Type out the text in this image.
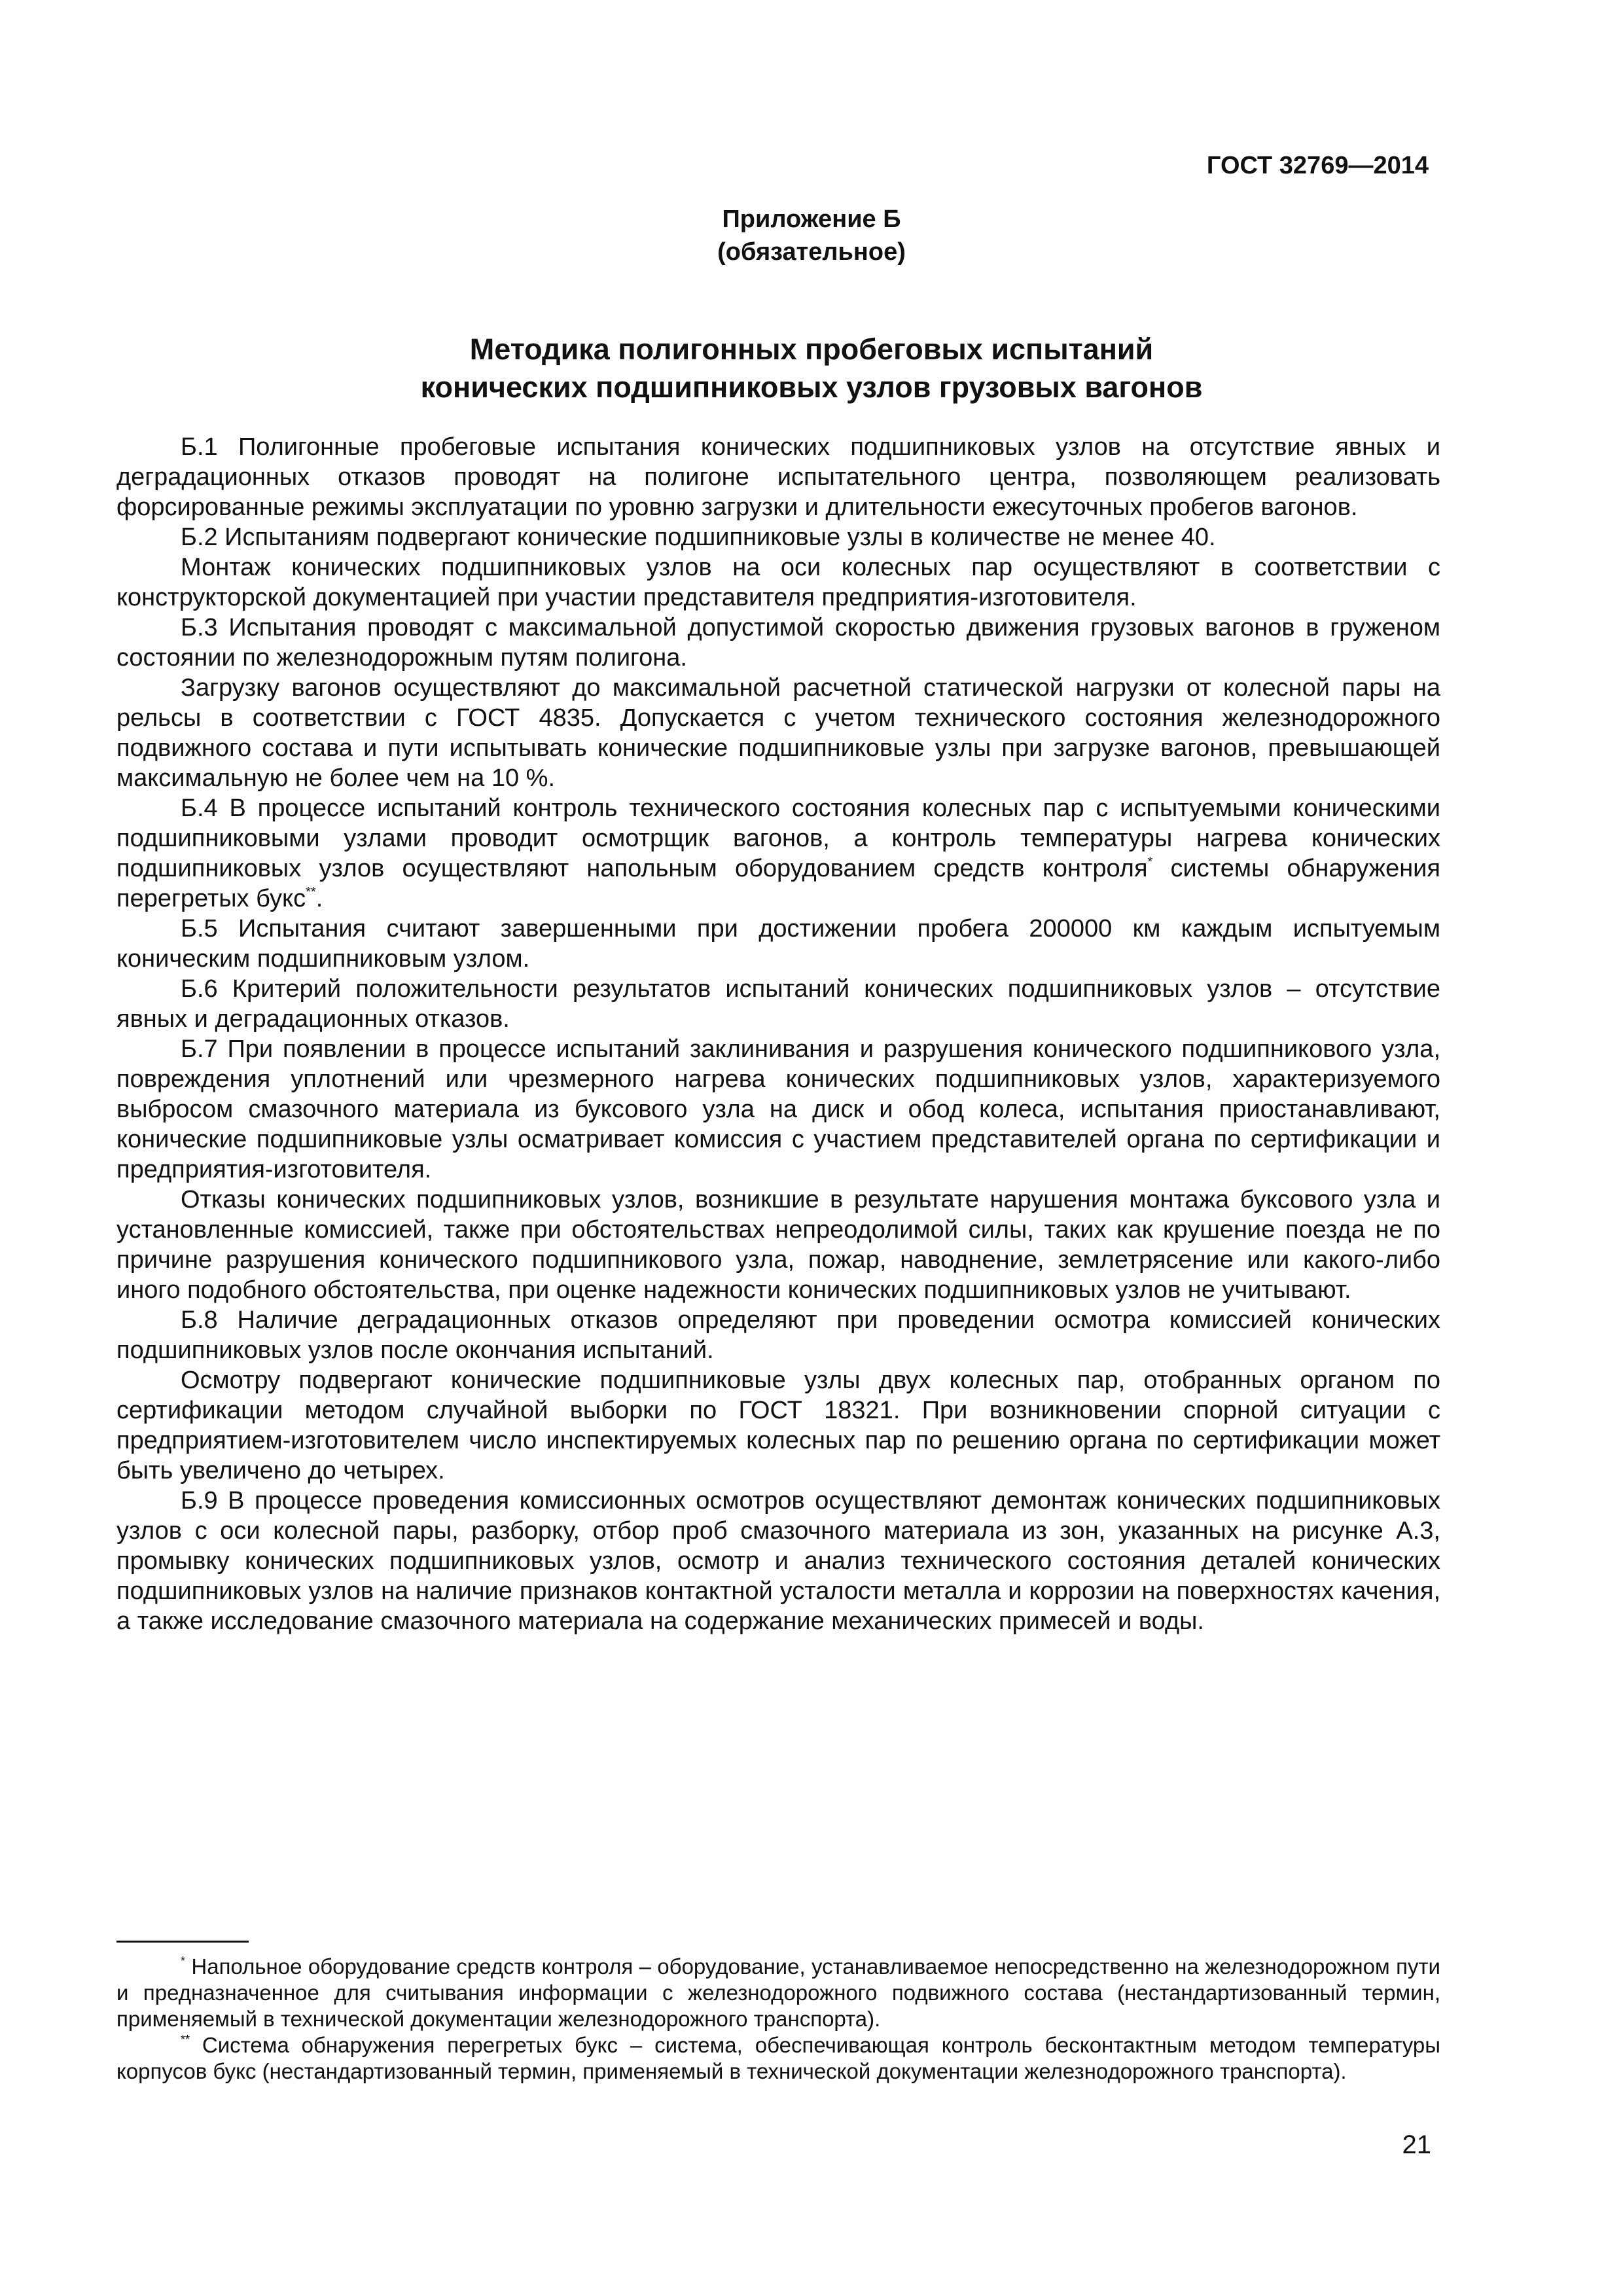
ГОСТ 32769—2014
Приложение Б
(обязательное)
Методика полигонных пробеговых испытаний
конических подшипниковых узлов грузовых вагонов

Б.1 Полигонные пробеговые испытания конических подшипниковых узлов на отсутствие явных и деградационных отказов проводят на полигоне испытательного центра, позволяющем реализовать форсированные режимы эксплуатации по уровню загрузки и длительности ежесуточных пробегов вагонов.

Б.2 Испытаниям подвергают конические подшипниковые узлы в количестве не менее 40.

Монтаж конических подшипниковых узлов на оси колесных пар осуществляют в соответствии с конструкторской документацией при участии представителя предприятия-изготовителя.

Б.3 Испытания проводят с максимальной допустимой скоростью движения грузовых вагонов в груженом состоянии по железнодорожным путям полигона.

Загрузку вагонов осуществляют до максимальной расчетной статической нагрузки от колесной пары на рельсы в соответствии с ГОСТ 4835. Допускается с учетом технического состояния железнодорожного подвижного состава и пути испытывать конические подшипниковые узлы при загрузке вагонов, превышающей максимальную не более чем на 10 %.

Б.4 В процессе испытаний контроль технического состояния колесных пар с испытуемыми коническими подшипниковыми узлами проводит осмотрщик вагонов, а контроль температуры нагрева конических подшипниковых узлов осуществляют напольным оборудованием средств контроля* системы обнаружения перегретых букс**.

Б.5 Испытания считают завершенными при достижении пробега 200000 км каждым испытуемым коническим подшипниковым узлом.

Б.6 Критерий положительности результатов испытаний конических подшипниковых узлов – отсутствие явных и деградационных отказов.

Б.7 При появлении в процессе испытаний заклинивания и разрушения конического подшипникового узла, повреждения уплотнений или чрезмерного нагрева конических подшипниковых узлов, характеризуемого выбросом смазочного материала из буксового узла на диск и обод колеса, испытания приостанавливают, конические подшипниковые узлы осматривает комиссия с участием представителей органа по сертификации и предприятия-изготовителя.

Отказы конических подшипниковых узлов, возникшие в результате нарушения монтажа буксового узла и установленные комиссией, также при обстоятельствах непреодолимой силы, таких как крушение поезда не по причине разрушения конического подшипникового узла, пожар, наводнение, землетрясение или какого-либо иного подобного обстоятельства, при оценке надежности конических подшипниковых узлов не учитывают.

Б.8 Наличие деградационных отказов определяют при проведении осмотра комиссией конических подшипниковых узлов после окончания испытаний.

Осмотру подвергают конические подшипниковые узлы двух колесных пар, отобранных органом по сертификации методом случайной выборки по ГОСТ 18321. При возникновении спорной ситуации с предприятием-изготовителем число инспектируемых колесных пар по решению органа по сертификации может быть увеличено до четырех.

Б.9 В процессе проведения комиссионных осмотров осуществляют демонтаж конических подшипниковых узлов с оси колесной пары, разборку, отбор проб смазочного материала из зон, указанных на рисунке А.3, промывку конических подшипниковых узлов, осмотр и анализ технического состояния деталей конических подшипниковых узлов на наличие признаков контактной усталости металла и коррозии на поверхностях качения, а также исследование смазочного материала на содержание механических примесей и воды.

* Напольное оборудование средств контроля – оборудование, устанавливаемое непосредственно на железнодорожном пути и предназначенное для считывания информации с железнодорожного подвижного состава (нестандартизованный термин, применяемый в технической документации железнодорожного транспорта).

** Система обнаружения перегретых букс – система, обеспечивающая контроль бесконтактным методом температуры корпусов букс (нестандартизованный термин, применяемый в технической документации железнодорожного транспорта).

21
